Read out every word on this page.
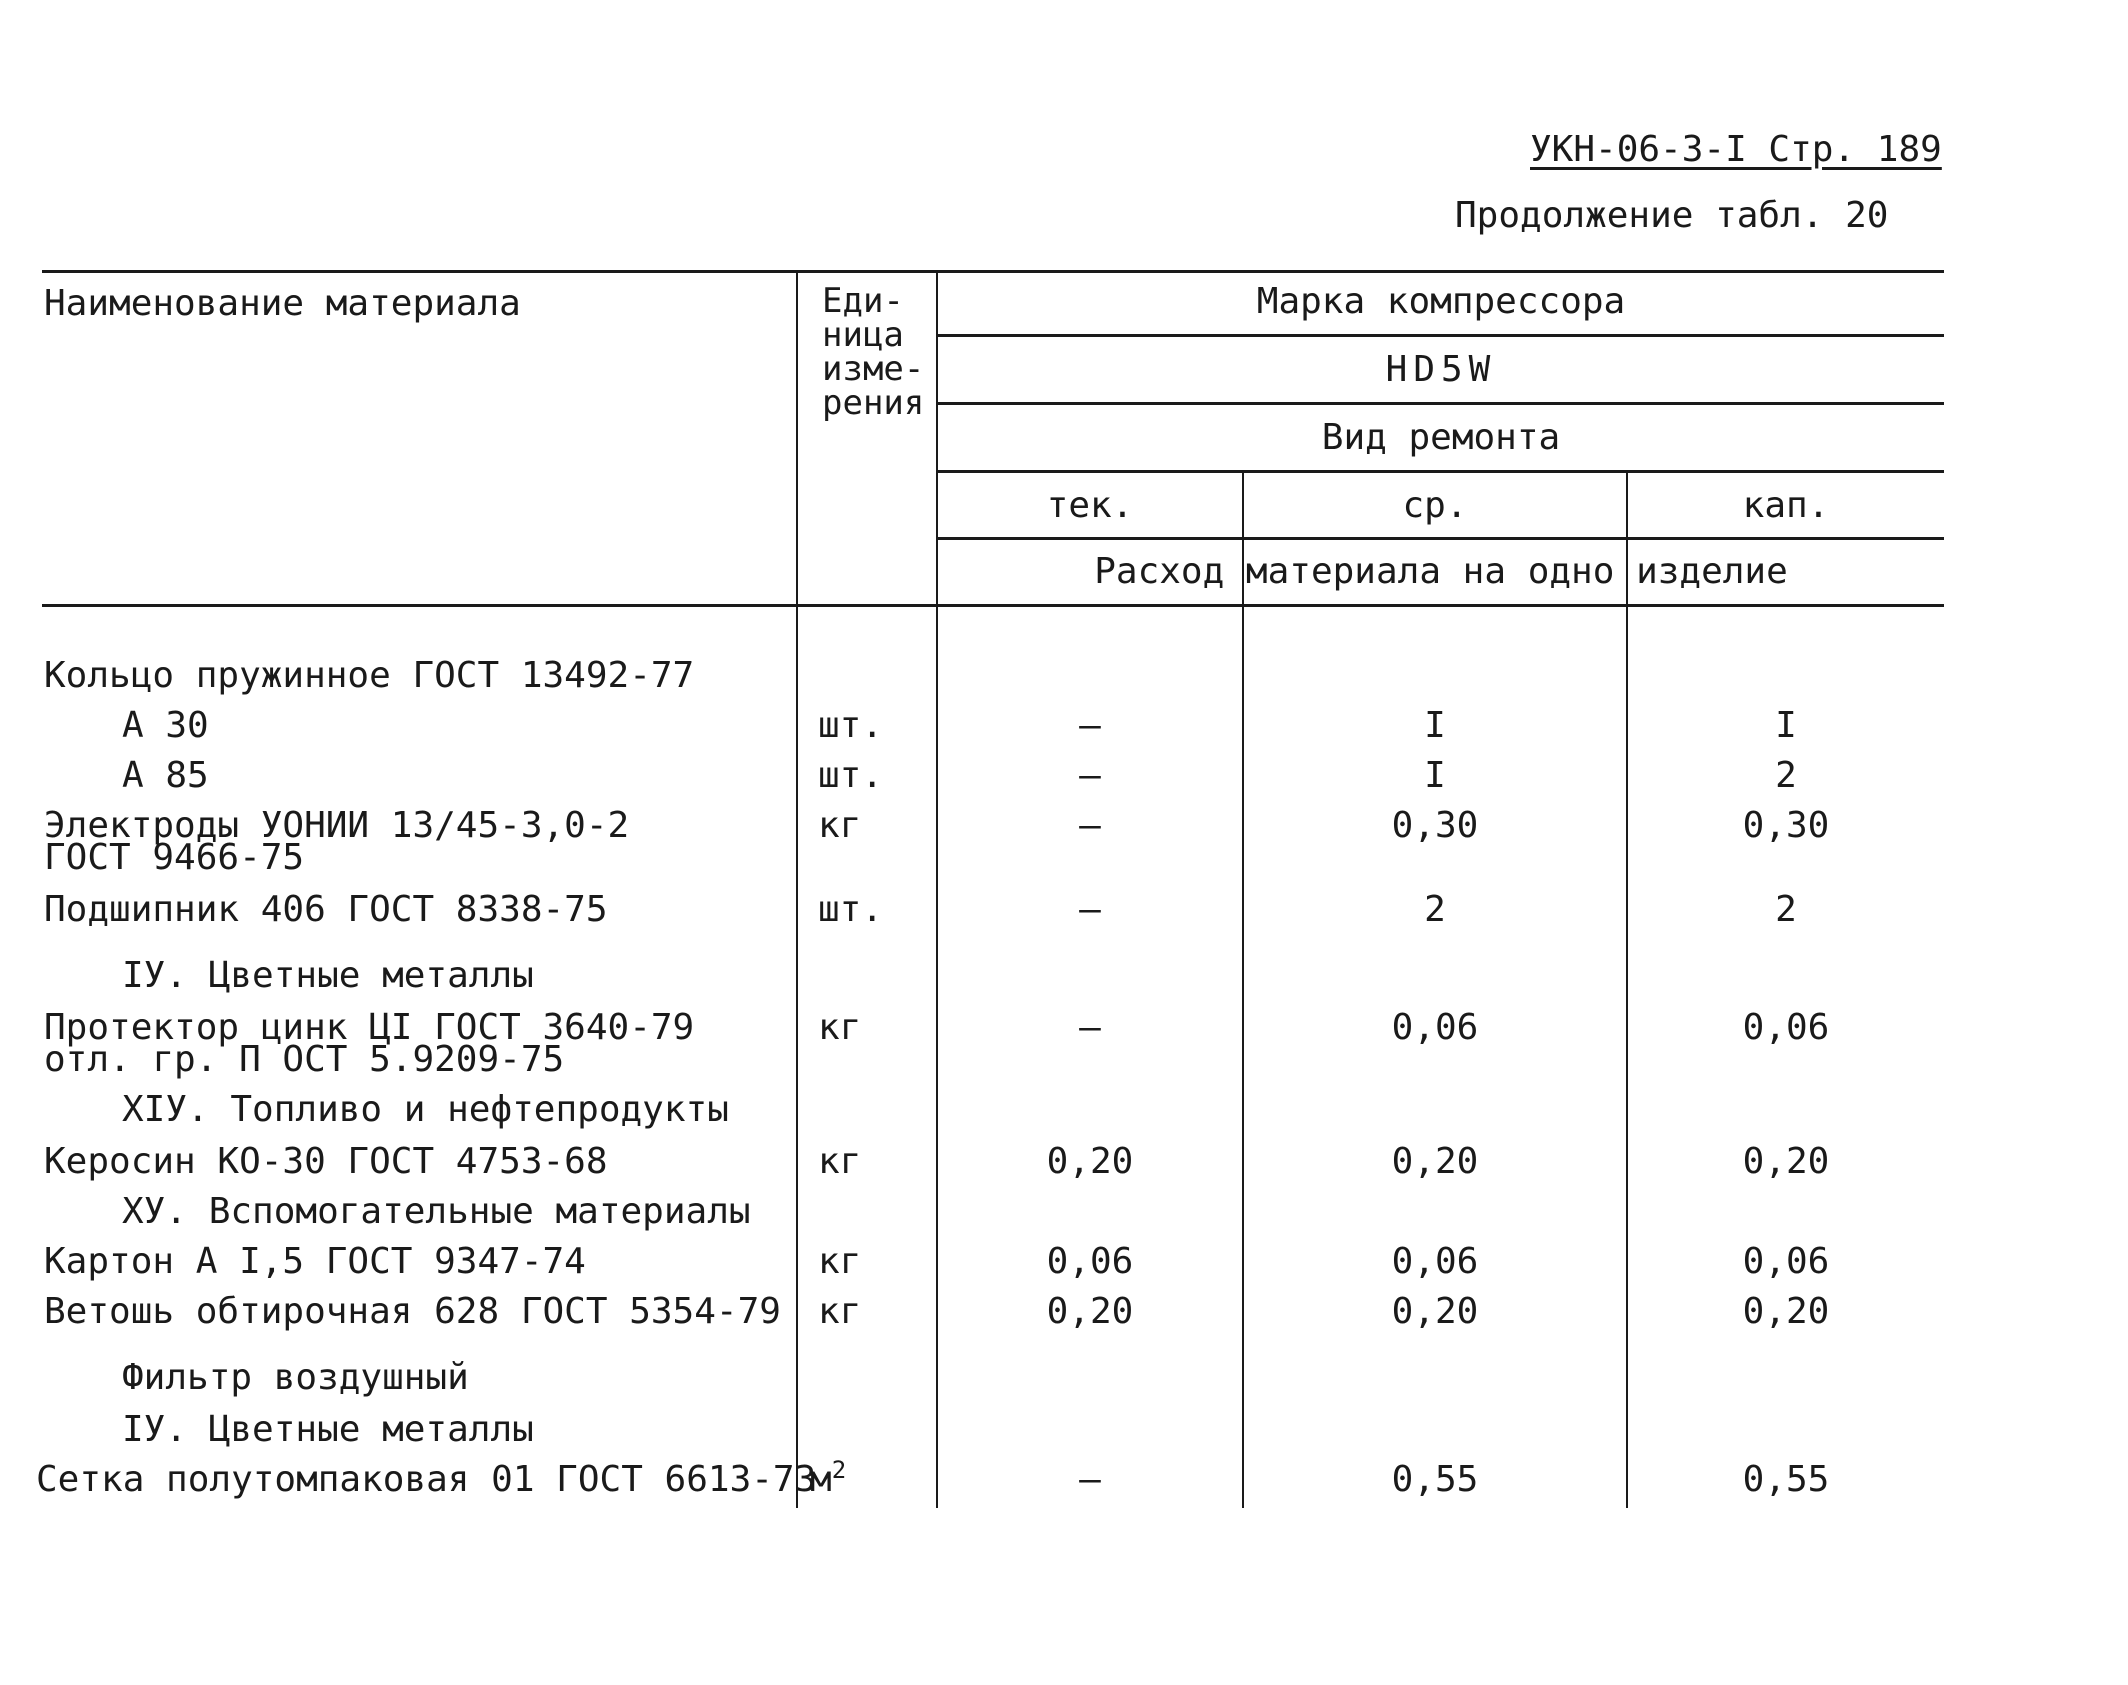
УКН-06-3-I Стр. 189
Продолжение табл. 20
Наименование материала	Еди-
ница
изме-
рения
Марка компрессора
HD5W
Вид ремонта
тек.	ср.	кап.
Расход материала на одно изделие
Кольцо пружинное ГОСТ 13492-77
А 30	шт.	–	I	I
А 85	шт.	–	I	2
Электроды УОНИИ 13/45-3,0-2
ГОСТ 9466-75
кг	–	0,30	0,30
Подшипник 406 ГОСТ 8338-75	шт.	–	2	2
IУ. Цветные металлы
Протектор цинк ЦI ГОСТ 3640-79
отл. гр. П ОСТ 5.9209-75
кг	–	0,06	0,06
XIУ. Топливо и нефтепродукты
Керосин КО-30 ГОСТ 4753-68	кг	0,20	0,20	0,20
ХУ. Вспомогательные материалы
Картон А I,5 ГОСТ 9347-74	кг	0,06	0,06	0,06
Ветошь обтирочная 628 ГОСТ 5354-79 кг	0,20	0,20	0,20
Фильтр воздушный
IУ. Цветные металлы
Сетка полутомпаковая 01 ГОСТ 6613-73
$м^2$	–	0,55	0,55
